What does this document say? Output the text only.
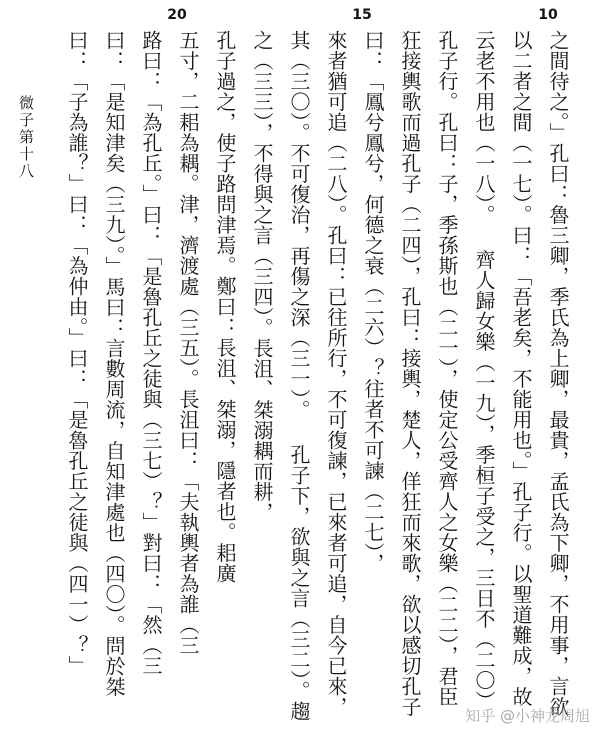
10
15
20
之間待之。」孔曰：魯三卿，季氏為上卿，最貴，孟氏為下卿，不用事，言欲
以二者之間（一七）。曰：「吾老矣，不能用也。」孔子行。以聖道難成，故
云老不用也（一八）。 齊人歸女樂（一九），季桓子受之，三日不（二〇）
孔子行。孔曰：子，季孫斯也（二一），使定公受齊人之女樂（二二），君臣
狂接輿歌而過孔子（二四），孔曰：接輿，楚人，佯狂而來歌，欲以感切孔子
曰：「鳳兮鳳兮，何德之衰（二六）？往者不可諫（二七），
來者猶可追（二八）。孔曰：已往所行，不可復諫，已來者可追，自今已來，
其（三〇）。不可復治，再傷之深（三一）。 孔子下，欲與之言（三二）。趨
之（三三），不得與之言（三四）。長沮、桀溺耦而耕，
孔子過之，使子路問津焉。鄭曰：長沮、桀溺，隱者也。耜廣
五寸，二耜為耦。津，濟渡處（三五）。長沮曰：「夫執輿者為誰（三
路曰：「為孔丘。」曰：「是魯孔丘之徒與（三七）？」對曰：「然（三
曰：「是知津矣（三九）。」馬曰：言數周流，自知津處也（四〇）。問於桀
曰：「子為誰？」曰：「為仲由。」曰：「是魯孔丘之徒與（四一）？」
微子第十八
知乎 @小神龙周旭
